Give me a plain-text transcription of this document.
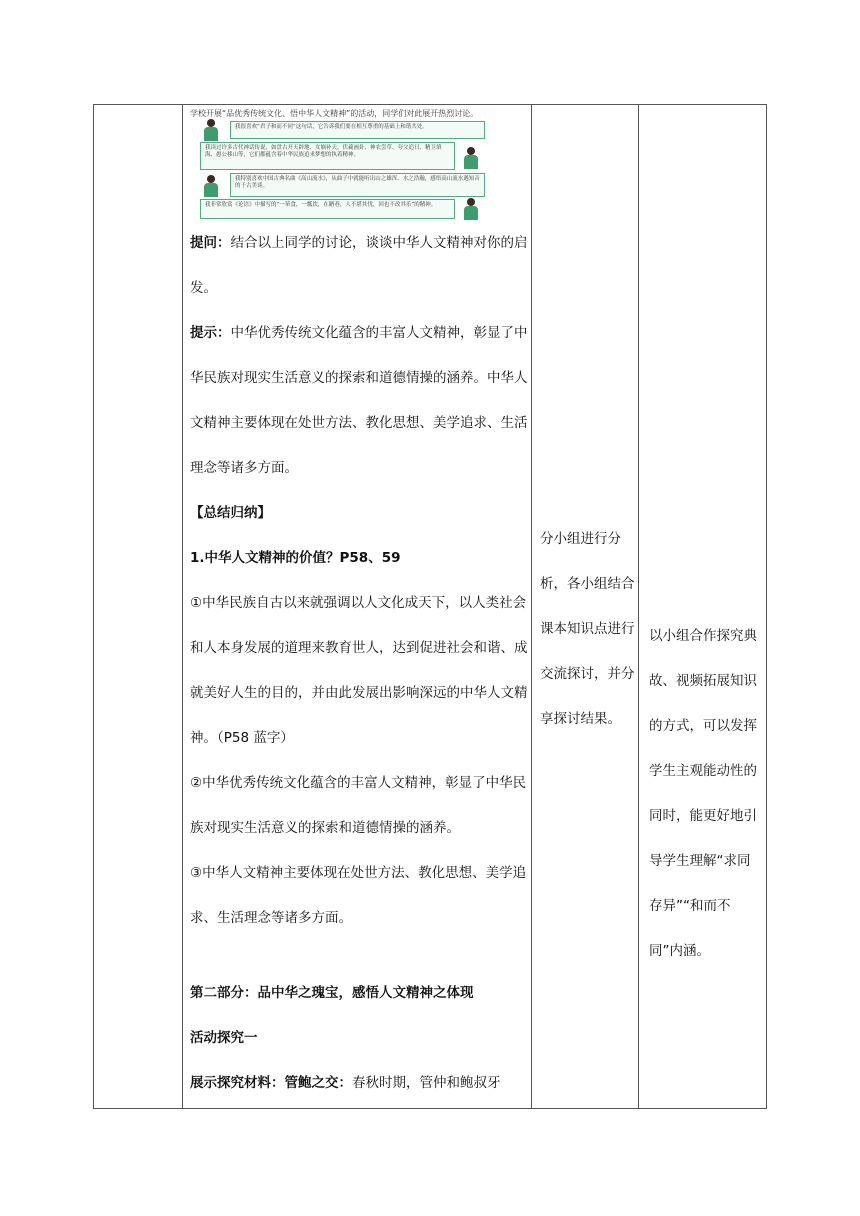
学校开展“品优秀传统文化、悟中华人文精神”的活动，同学们对此展开热烈讨论。
我很喜欢“君子和而不同”这句话，它告诉我们要在相互尊重的基础上和谐共处。
我读过许多古代神话传说，如盘古开天辟地、女娲补天、伏羲画卦、神农尝草、夸父追日、精卫填海、愚公移山等，它们都蕴含着中华民族追求梦想的执着精神。
我特别喜欢中国古典名曲《高山流水》，从曲子中就能听出山之雄浑、水之浩瀚，感悟高山流水遇知音的千古美谈。
我非常欣赏《论语》中描写的“一箪食，一瓢饮，在陋巷，人不堪其忧，回也不改其乐”的精神。

提问：结合以上同学的讨论，谈谈中华人文精神对你的启发。

提示：中华优秀传统文化蕴含的丰富人文精神，彰显了中华民族对现实生活意义的探索和道德情操的涵养。中华人文精神主要体现在处世方法、教化思想、美学追求、生活理念等诸多方面。

【总结归纳】

1.中华人文精神的价值？P58、59

①中华民族自古以来就强调以人文化成天下，以人类社会和人本身发展的道理来教育世人，达到促进社会和谐、成就美好人生的目的，并由此发展出影响深远的中华人文精神。（P58 蓝字）

②中华优秀传统文化蕴含的丰富人文精神，彰显了中华民族对现实生活意义的探索和道德情操的涵养。

③中华人文精神主要体现在处世方法、教化思想、美学追求、生活理念等诸多方面。

第二部分：品中华之瑰宝，感悟人文精神之体现

活动探究一

展示探究材料：管鲍之交：春秋时期，管仲和鲍叔牙

分小组进行分析，各小组结合课本知识点进行交流探讨，并分享探讨结果。
以小组合作探究典故、视频拓展知识的方式，可以发挥学生主观能动性的同时，能更好地引导学生理解“求同存异”“和而不同”内涵。
